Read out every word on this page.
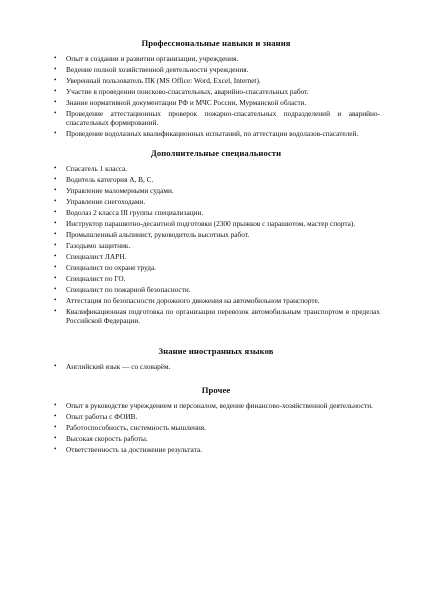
Профессиональные навыки и знания
• Опыт в создании и развитии организации, учреждения.
• Ведение полной хозяйственной деятельности учреждения.
• Уверенный пользователь ПК (MS Office: Word, Excel, Internet).
• Участие в проведении поисково-спасательных, аварийно-спасательных работ.
• Знание нормативной документации РФ и МЧС России, Мурманской области.
• Проведение аттестационных проверок пожарно-спасательных подразделений и аварийно-спасательных формирований.
• Проведение водолазных квалификационных испытаний, по аттестации водолазов-спасателей.
Дополнительные специальности
• Спасатель 1 класса.
• Водитель категория А, В, С.
• Управление маломерными судами.
• Управление снегоходами.
• Водолаз 2 класса III группы специализации.
• Инструктор парашютно-десантной подготовки (2300 прыжков с парашютом, мастер спорта).
• Промышленный альпинист, руководитель высотных работ.
• Газодымо защитник.
• Специалист ЛАРН.
• Специалист по охране труда.
• Специалист по ГО.
• Специалист по пожарной безопасности.
• Аттестация по безопасности дорожного движения на автомобильном транспорте.
• Квалификационная подготовка по организации перевозок автомобильным транспортом в пределах Российской Федерации.
Знание иностранных языков
• Английский язык — со словарём.
Прочее
• Опыт в руководстве учреждением и персоналом, ведение финансово-хозяйственной деятельности.
• Опыт работы с ФОИВ.
• Работоспособность, системность мышления.
• Высокая скорость работы.
• Ответственность за достижение результата.
